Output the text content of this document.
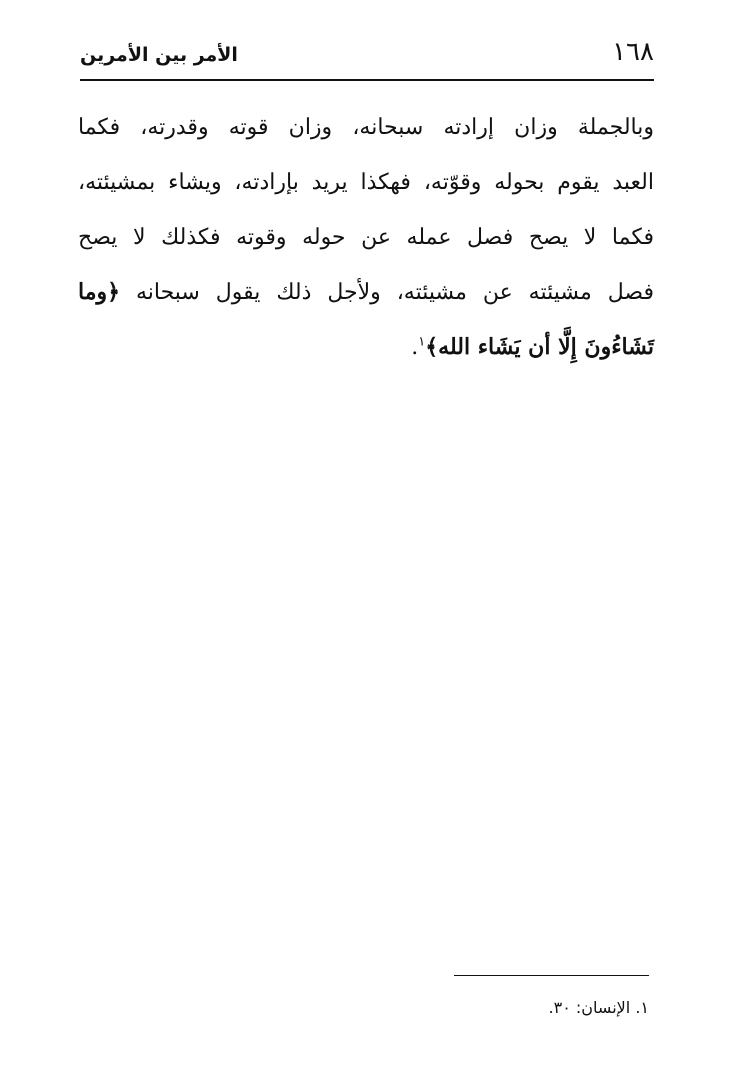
١٦٨
الأمر بين الأمرين
وبالجملة وزان إرادته سبحانه، وزان قوته وقدرته، فكما
العبد يقوم بحوله وقوّته، فهكذا يريد بإرادته، ويشاء بمشيئته،
فكما لا يصح فصل عمله عن حوله وقوته فكذلك لا يصح
فصل مشيئته عن مشيئته، ولأجل ذلك يقول سبحانه ﴿وما
تَشَاءُونَ إِلَّا أن يَشَاء الله﴾$^١$.
١. الإنسان: ٣٠.
